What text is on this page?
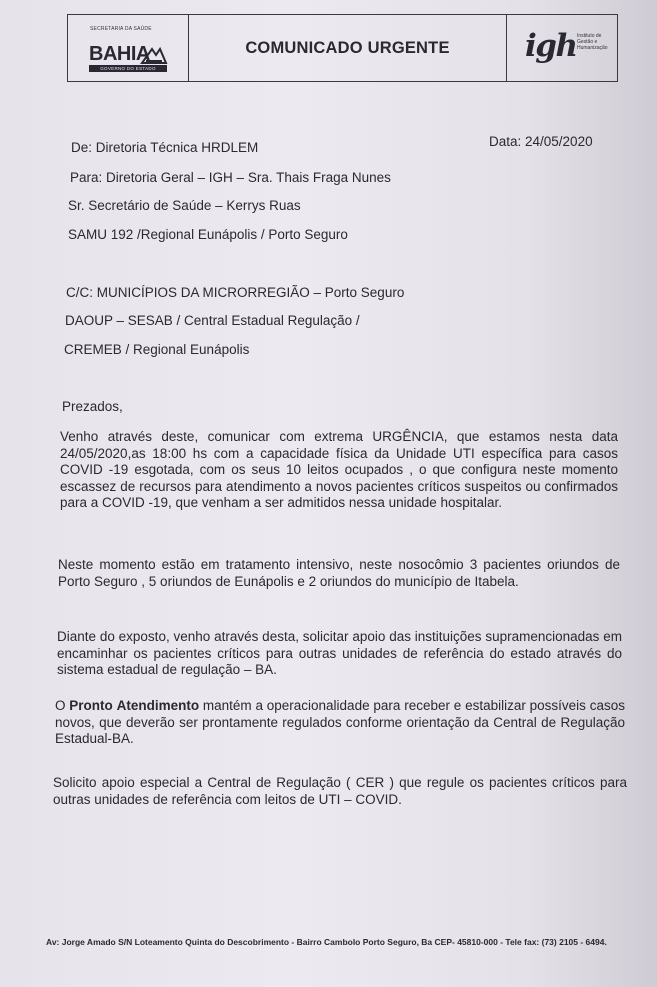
SECRETARIA DA SAÚDE
BAHIA
GOVERNO DO ESTADO
COMUNICADO URGENTE igh Instituto de
Gestão e
Humanização
De: Diretoria Técnica HRDLEM	Data: 24/05/2020
Para: Diretoria Geral – IGH – Sra. Thais Fraga Nunes
Sr. Secretário de Saúde – Kerrys Ruas
SAMU 192 /Regional Eunápolis / Porto Seguro
C/C: MUNICÍPIOS DA MICRORREGIÃO – Porto Seguro
DAOUP – SESAB / Central Estadual Regulação /
CREMEB / Regional Eunápolis
Prezados,
Venho através deste, comunicar com extrema URGÊNCIA, que estamos nesta data 24/05/2020,as 18:00 hs com a capacidade física da Unidade UTI específica para casos COVID -19 esgotada, com os seus 10 leitos ocupados , o que configura neste momento escassez de recursos para atendimento a novos pacientes críticos suspeitos ou confirmados para a COVID -19, que venham a ser admitidos nessa unidade hospitalar.
Neste momento estão em tratamento intensivo, neste nosocômio 3 pacientes oriundos de Porto Seguro , 5 oriundos de Eunápolis e 2 oriundos do município de Itabela.
Diante do exposto, venho através desta, solicitar apoio das instituições supramencionadas em encaminhar os pacientes críticos para outras unidades de referência do estado através do sistema estadual de regulação – BA.
O Pronto Atendimento mantém a operacionalidade para receber e estabilizar possíveis casos novos, que deverão ser prontamente regulados conforme orientação da Central de Regulação Estadual-BA.
Solicito apoio especial a Central de Regulação ( CER ) que regule os pacientes críticos para outras unidades de referência com leitos de UTI – COVID.
Av: Jorge Amado S/N Loteamento Quinta do Descobrimento - Bairro Cambolo Porto Seguro, Ba CEP- 45810-000 - Tele fax: (73) 2105 - 6494.
